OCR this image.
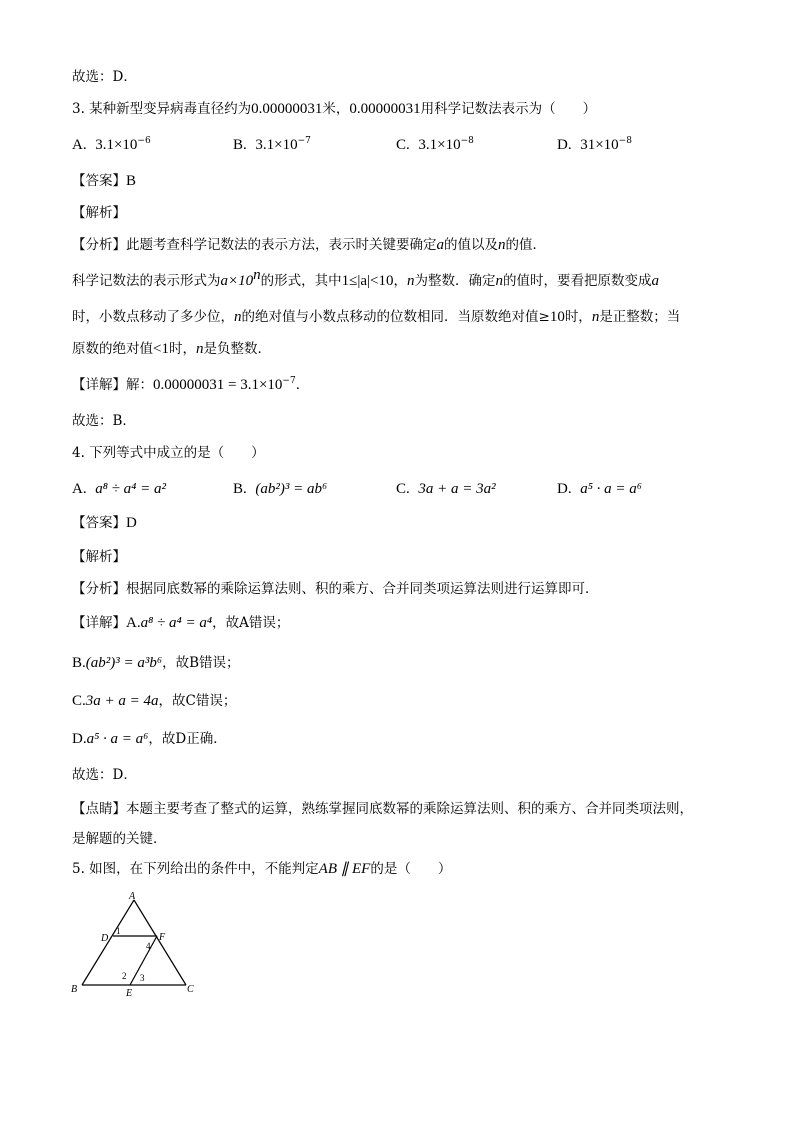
故选：D．
3. 某种新型变异病毒直径约为0.00000031米，0.00000031用科学记数法表示为（　　）
A. $3.1\times 10^{-6}$	B. $3.1\times 10^{-7}$	C. $3.1\times 10^{-8}$	D. $31\times 10^{-8}$
【答案】B
【解析】
【分析】此题考查科学记数法的表示方法，表示时关键要确定a的值以及n的值．
科学记数法的表示形式为$a\times 10^n$的形式，其中1≤|a|<10，n为整数．确定n的值时，要看把原数变成a
时，小数点移动了多少位，n的绝对值与小数点移动的位数相同．当原数绝对值≥10时，n是正整数；当
原数的绝对值<1时，n是负整数．
【详解】解：$0.00000031 = 3.1\times 10^{-7}$．
故选：B．
4. 下列等式中成立的是（　　）
A. a⁸ ÷ a⁴ = a²	B. (ab²)³ = ab⁶	C. 3a + a = 3a²	D. a⁵ · a = a⁶
【答案】D
【解析】
【分析】根据同底数幂的乘除运算法则、积的乘方、合并同类项运算法则进行运算即可．
【详解】A.a⁸ ÷ a⁴ = a⁴，故A错误；
B.(ab²)³ = a³b⁶，故B错误；
C.3a + a = 4a，故C错误；
D.a⁵ · a = a⁶，故D正确．
故选：D．
【点睛】本题主要考查了整式的运算，熟练掌握同底数幂的乘除运算法则、积的乘方、合并同类项法则，
是解题的关键．
5. 如图，在下列给出的条件中，不能判定AB ∥ EF的是（　　）
A
B	C
D
E
F
1
2 3
4
